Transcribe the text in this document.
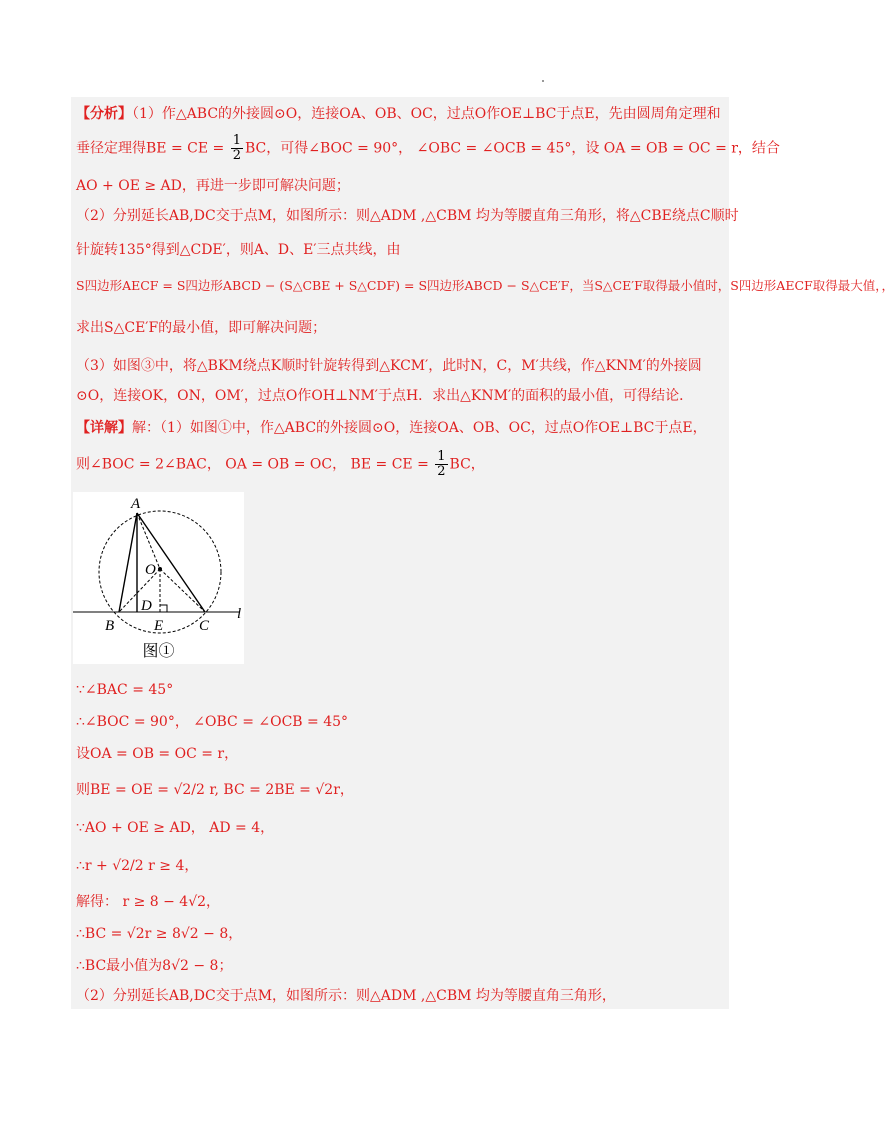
【分析】（1）作△ABC的外接圆⊙O，连接OA、OB、OC，过点O作OE⊥BC于点E，先由圆周角定理和
垂径定理得BE = CE = $\frac{1}{2}$ BC，可得∠BOC = 90°， ∠OBC = ∠OCB = 45°，设 OA = OB = OC = r，结合
AO + OE ≥ AD，再进一步即可解决问题；
（2）分别延长AB,DC交于点M，如图所示：则△ADM ,△CBM 均为等腰直角三角形，将△CBE绕点C顺时
针旋转135°得到△CDE′，则A、D、E′三点共线，由
S四边形AECF = S四边形ABCD − (S△CBE + S△CDF) = S四边形ABCD − S△CE′F，当S△CE′F取得最小值时，S四边形AECF取得最大值，，
求出S△CE′F的最小值，即可解决问题；
（3）如图③中，将△BKM绕点K顺时针旋转得到△KCM′，此时N，C，M′共线，作△KNM′的外接圆
⊙O，连接OK，ON，OM′，过点O作OH⊥NM′于点H．求出△KNM′的面积的最小值，可得结论．
【详解】解：（1）如图①中，作△ABC的外接圆⊙O，连接OA、OB、OC，过点O作OE⊥BC于点E，
则∠BOC = 2∠BAC， OA = OB = OC， BE = CE = $\frac{1}{2}$ BC，
A
O
D
B	E C
l
图①
∵∠BAC = 45°
∴∠BOC = 90°， ∠OBC = ∠OCB = 45°
设OA = OB = OC = r，
则BE = OE = √2/2 r, BC = 2BE = √2r，
∵AO + OE ≥ AD， AD = 4，
∴r + √2/2 r ≥ 4，
解得： r ≥ 8 − 4√2，
∴BC = √2r ≥ 8√2 − 8，
∴BC最小值为8√2 − 8；
（2）分别延长AB,DC交于点M，如图所示：则△ADM ,△CBM 均为等腰直角三角形，
